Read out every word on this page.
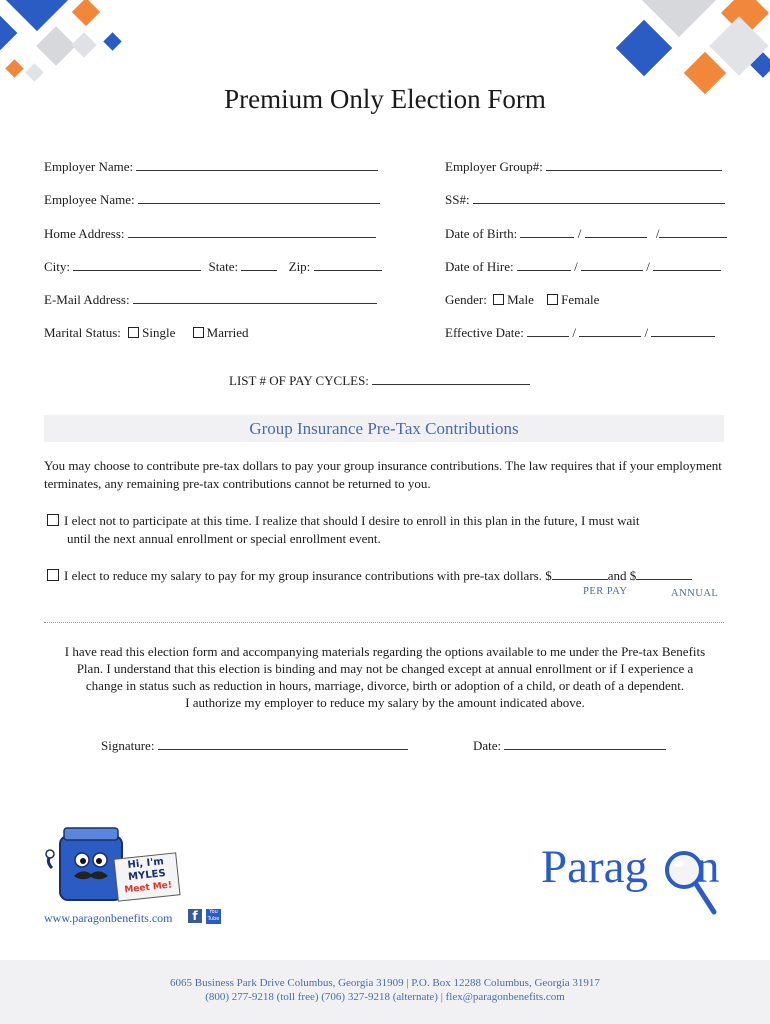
Premium Only Election Form
Employer Name:
Employee Name:
Home Address:
City:	State:	Zip:
E-Mail Address:
Marital Status: Single Married
Employer Group#:
SS#:
Date of Birth:	/	/
Date of Hire:	/	/
Gender: Male Female
Effective Date:	/	/
LIST # OF PAY CYCLES:
Group Insurance Pre-Tax Contributions
You may choose to contribute pre-tax dollars to pay your group insurance contributions. The law requires that if your employment terminates, any remaining pre-tax contributions cannot be returned to you.
I elect not to participate at this time. I realize that should I desire to enroll in this plan in the future, I must wait
until the next annual enrollment or special enrollment event.
I elect to reduce my salary to pay for my group insurance contributions with pre-tax dollars. $	and $
PER PAY	ANNUAL
I have read this election form and accompanying materials regarding the options available to me under the Pre-tax Benefits
Plan. I understand that this election is binding and may not be changed except at annual enrollment or if I experience a
change in status such as reduction in hours, marriage, divorce, birth or adoption of a child, or death of a dependent.
I authorize my employer to reduce my salary by the amount indicated above.
Signature:	Date:
Hi, I'm
MYLES
Meet Me!
www.paragonbenefits.com	f	You
Tube
Parag n
6065 Business Park Drive Columbus, Georgia 31909 | P.O. Box 12288 Columbus, Georgia 31917
(800) 277-9218 (toll free) (706) 327-9218 (alternate) | flex@paragonbenefits.com
